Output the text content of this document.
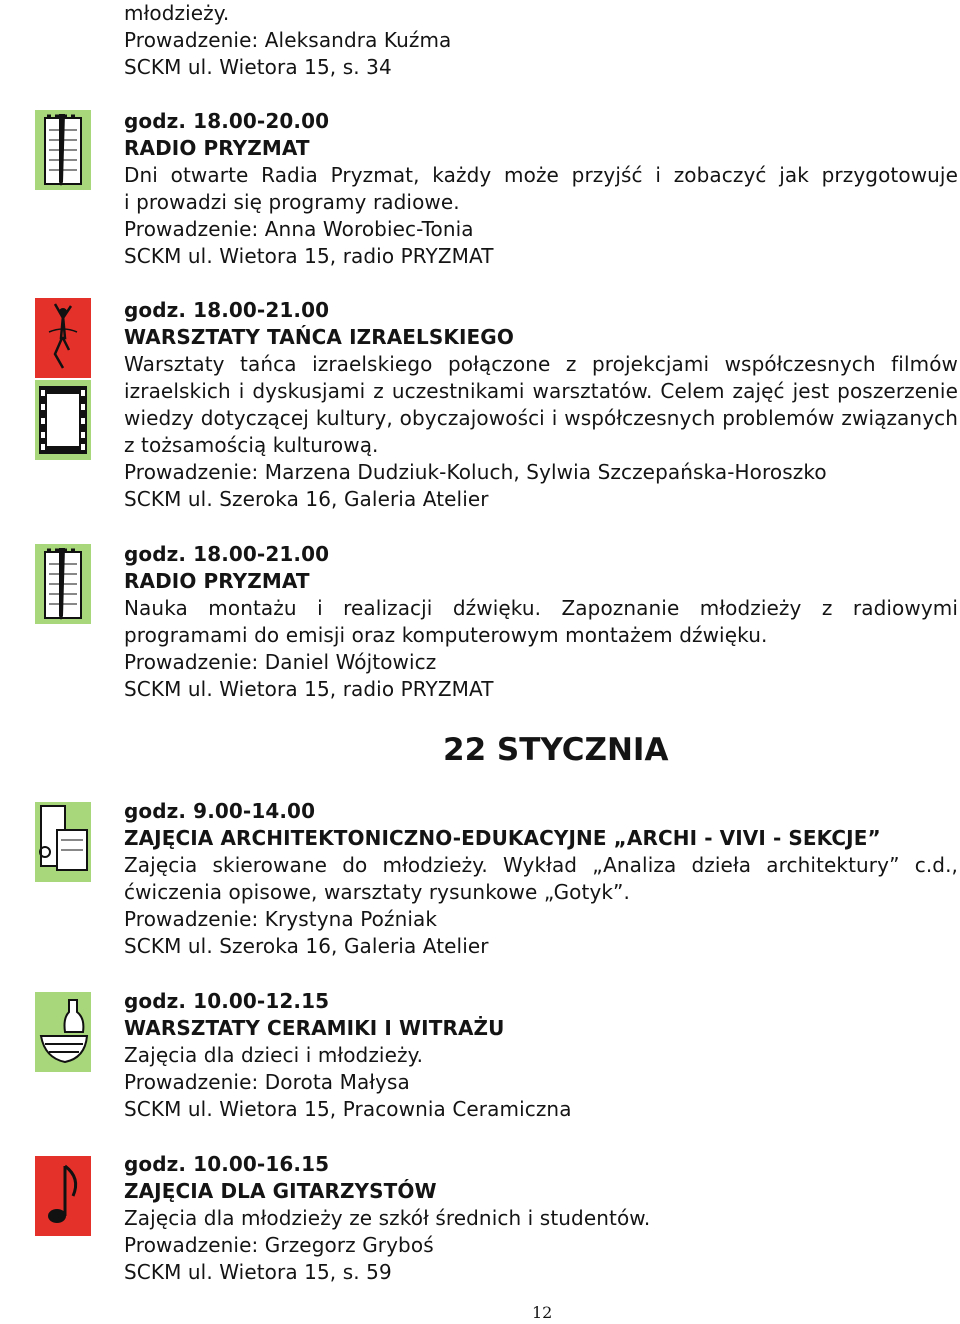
młodzieży.
Prowadzenie: Aleksandra Kuźma
SCKM ul. Wietora 15, s. 34
godz. 18.00-20.00
RADIO PRYZMAT
Dni otwarte Radia Pryzmat, każdy może przyjść i zobaczyć jak przygotowuje
i prowadzi się programy radiowe.
Prowadzenie: Anna Worobiec-Tonia
SCKM ul. Wietora 15, radio PRYZMAT
godz. 18.00-21.00
WARSZTATY TAŃCA IZRAELSKIEGO
Warsztaty tańca izraelskiego połączone z projekcjami współczesnych filmów
izraelskich i dyskusjami z uczestnikami warsztatów. Celem zajęć jest poszerzenie
wiedzy dotyczącej kultury, obyczajowości i współczesnych problemów związanych
z tożsamością kulturową.
Prowadzenie: Marzena Dudziuk-Koluch, Sylwia Szczepańska-Horoszko
SCKM ul. Szeroka 16, Galeria Atelier
godz. 18.00-21.00
RADIO PRYZMAT
Nauka montażu i realizacji dźwięku. Zapoznanie młodzieży z radiowymi
programami do emisji oraz komputerowym montażem dźwięku.
Prowadzenie: Daniel Wójtowicz
SCKM ul. Wietora 15, radio PRYZMAT
22 STYCZNIA
godz. 9.00-14.00
ZAJĘCIA ARCHITEKTONICZNO-EDUKACYJNE „ARCHI - VIVI - SEKCJE”
Zajęcia skierowane do młodzieży. Wykład „Analiza dzieła architektury” c.d.,
ćwiczenia opisowe, warsztaty rysunkowe „Gotyk”.
Prowadzenie: Krystyna Poźniak
SCKM ul. Szeroka 16, Galeria Atelier
godz. 10.00-12.15
WARSZTATY CERAMIKI I WITRAŻU
Zajęcia dla dzieci i młodzieży.
Prowadzenie: Dorota Małysa
SCKM ul. Wietora 15, Pracownia Ceramiczna
godz. 10.00-16.15
ZAJĘCIA DLA GITARZYSTÓW
Zajęcia dla młodzieży ze szkół średnich i studentów.
Prowadzenie: Grzegorz Gryboś
SCKM ul. Wietora 15, s. 59
12
